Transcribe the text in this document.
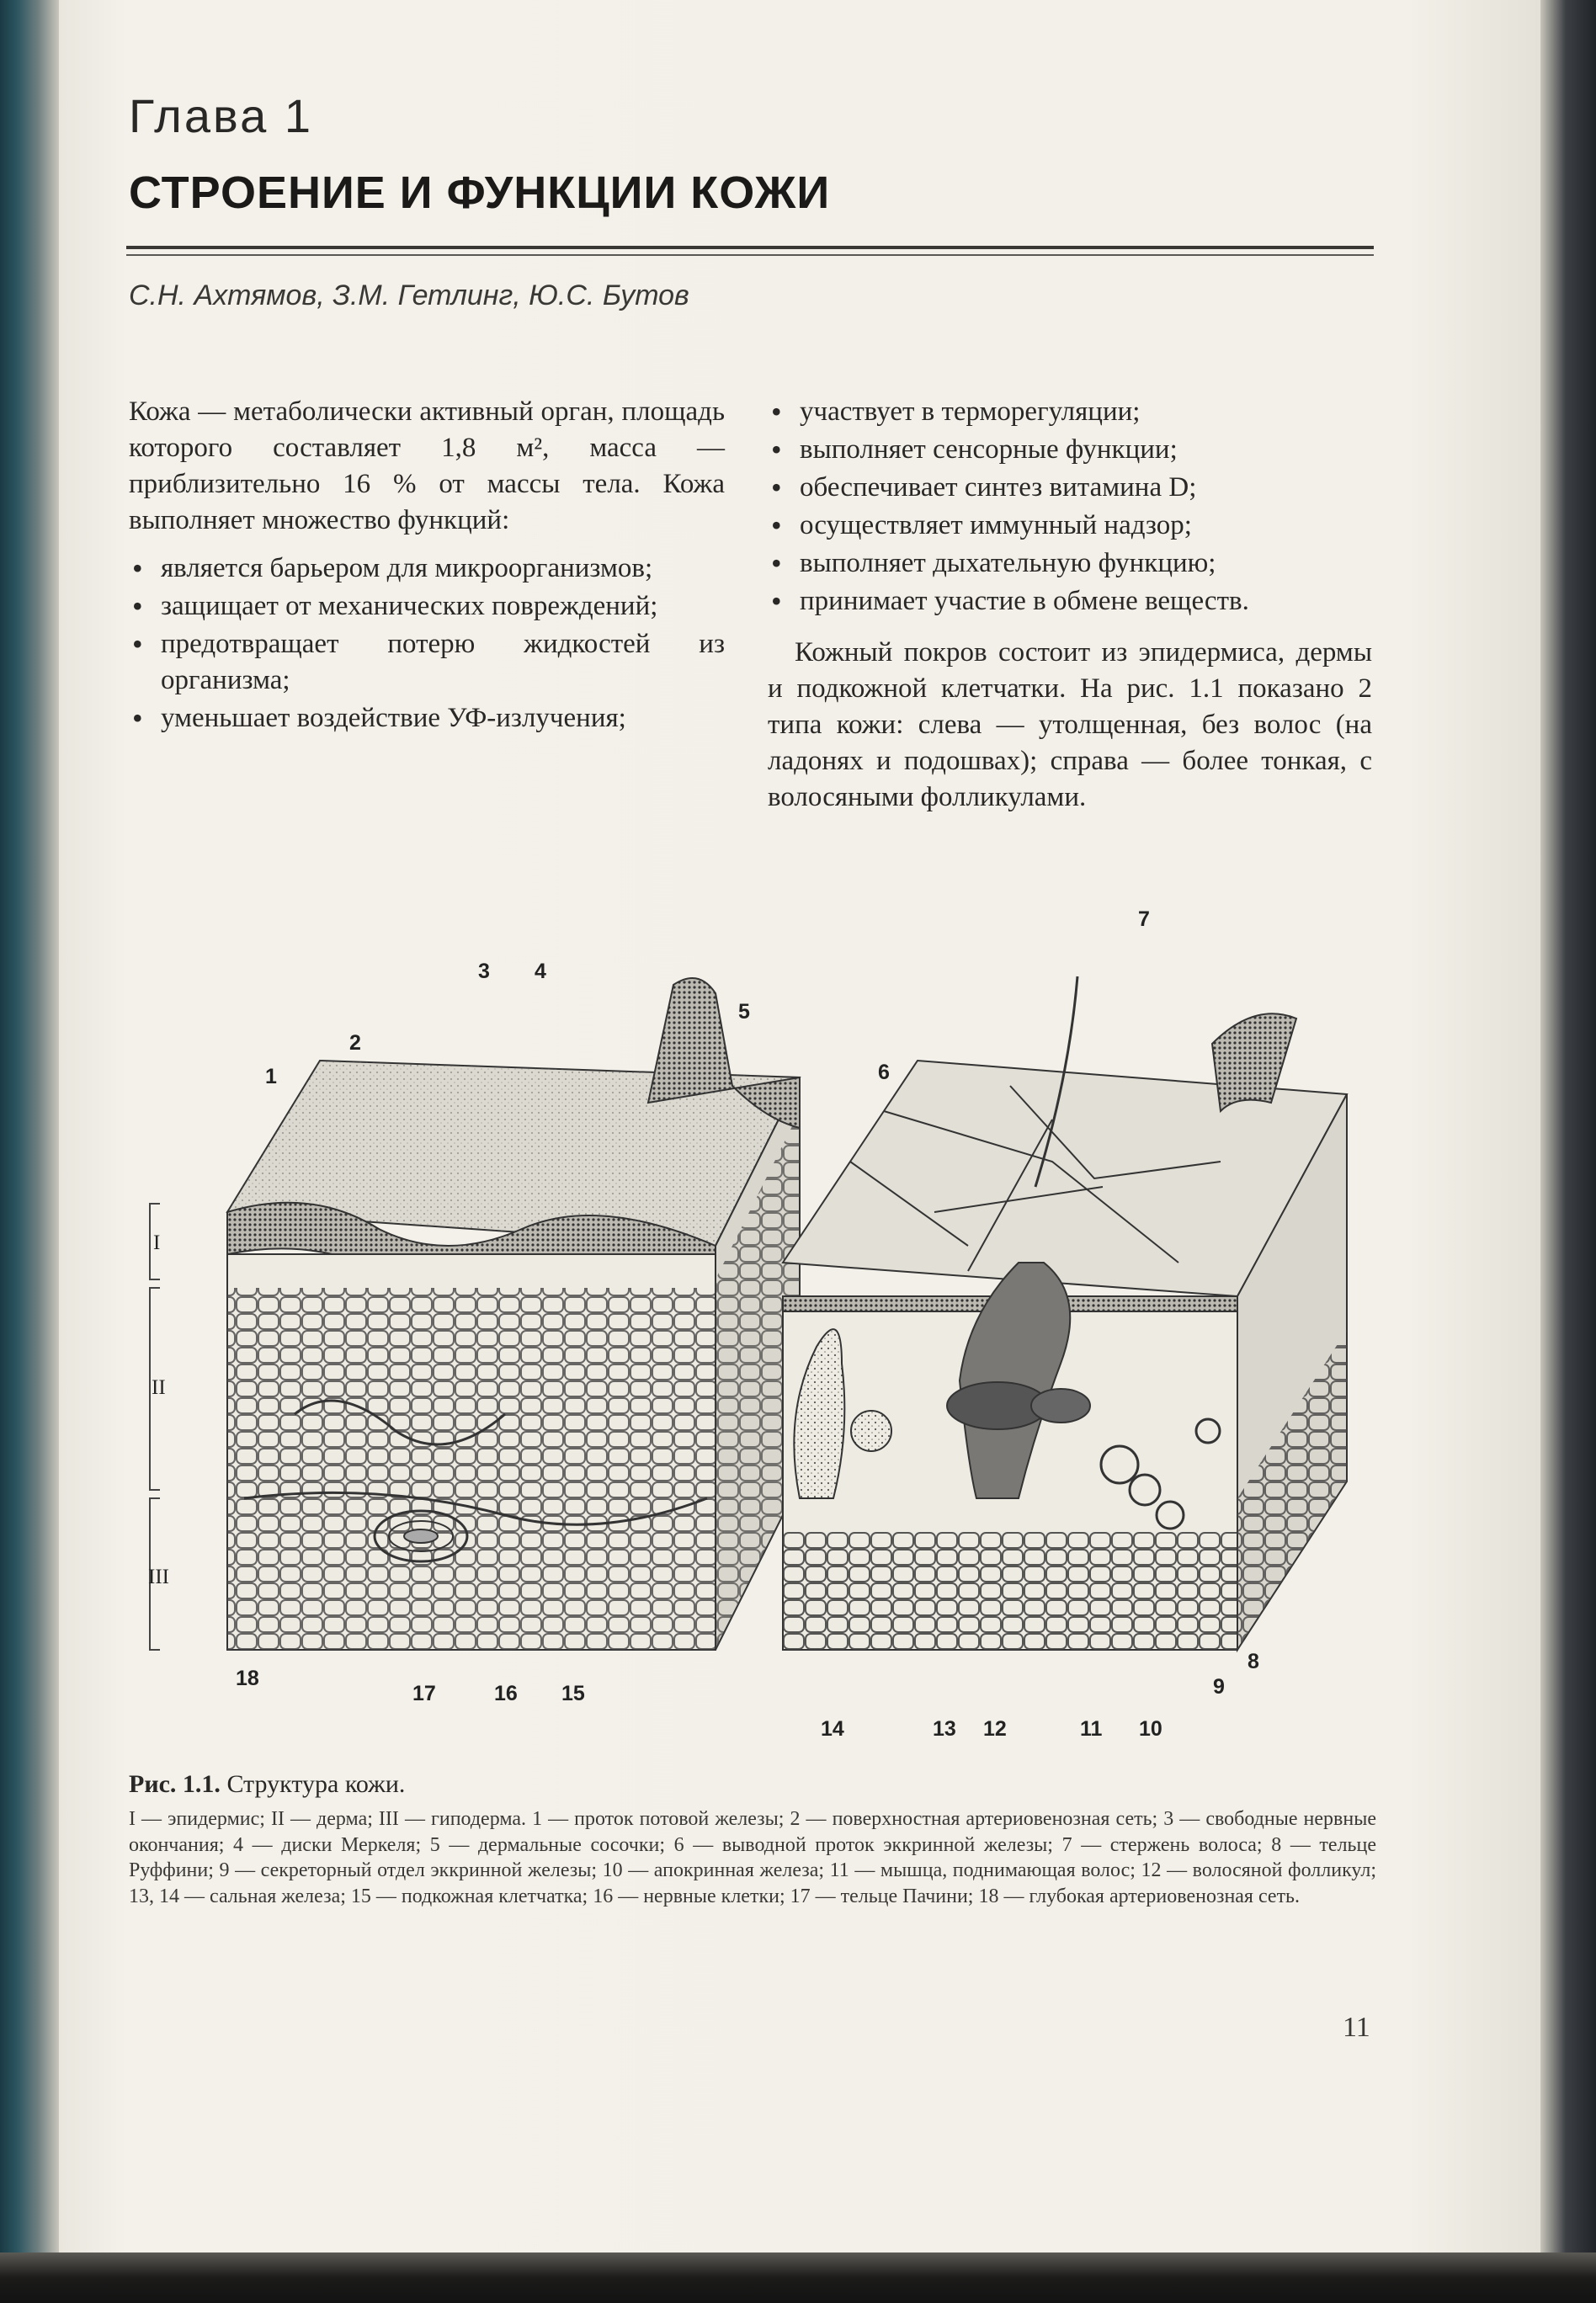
Глава 1
СТРОЕНИЕ И ФУНКЦИИ КОЖИ
С.Н. Ахтямов, З.М. Гетлинг, Ю.С. Бутов

Кожа — метаболически активный орган, площадь которого составляет 1,8 м², масса — приблизительно 16 % от массы тела. Кожа выполняет множество функций:

• является барьером для микроорганизмов;
• защищает от механических повреждений;
• предотвращает потерю жидкостей из организма;
• уменьшает воздействие УФ-излучения;
• участвует в терморегуляции;
• выполняет сенсорные функции;
• обеспечивает синтез витамина D;
• осуществляет иммунный надзор;
• выполняет дыхательную функцию;
• принимает участие в обмене веществ.

Кожный покров состоит из эпидермиса, дермы и подкожной клетчатки. На рис. 1.1 показано 2 типа кожи: слева — утолщенная, без волос (на ладонях и подошвах); справа — более тонкая, с волосяными фолликулами.

I
II
III
1
2
3 4
5
6
7
8
9
10
11
12
13
14
15
16
17
18
Рис. 1.1. Структура кожи.
I — эпидермис; II — дерма; III — гиподерма. 1 — проток потовой железы; 2 — поверхностная артериовенозная сеть; 3 — свободные нервные окончания; 4 — диски Меркеля; 5 — дермальные сосочки; 6 — выводной проток эккринной железы; 7 — стержень волоса; 8 — тельце Руффини; 9 — секреторный отдел эккринной железы; 10 — апокринная железа; 11 — мышца, поднимающая волос; 12 — волосяной фолликул; 13, 14 — сальная железа; 15 — подкожная клетчатка; 16 — нервные клетки; 17 — тельце Пачини; 18 — глубокая артериовенозная сеть.
11
